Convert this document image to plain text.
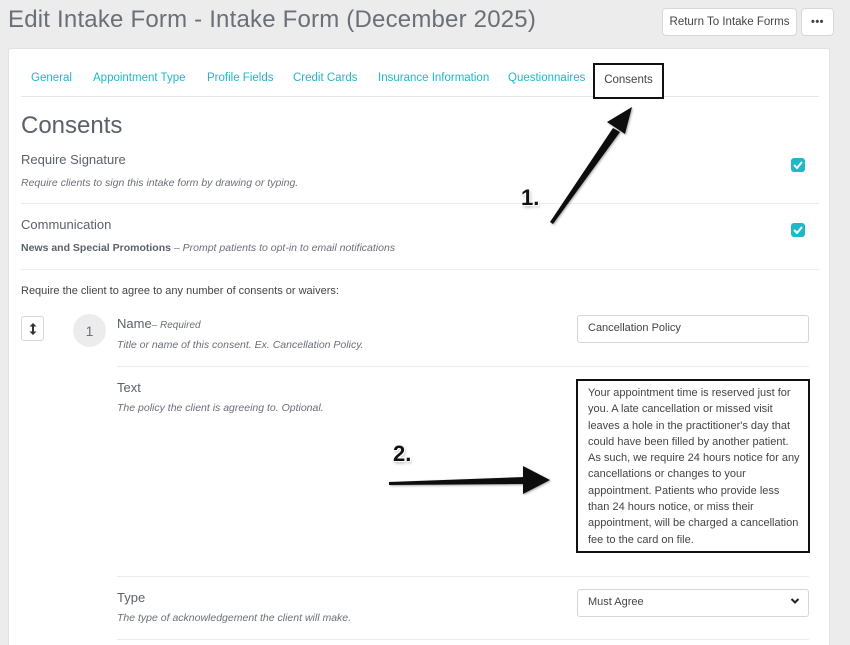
Edit Intake Form - Intake Form (December 2025)	Return To Intake Forms	•••
General Appointment Type Profile Fields Credit Cards Insurance Information Questionnaires	Consents
Consents
Require Signature
Require clients to sign this intake form by drawing or typing.
Communication
News and Special Promotions – Prompt patients to opt-in to email notifications
Require the client to agree to any number of consents or waivers:
1	Name– Required
Title or name of this consent. Ex. Cancellation Policy.
Cancellation Policy
Text
The policy the client is agreeing to. Optional.
Your appointment time is reserved just for you. A late cancellation or missed visit leaves a hole in the practitioner's day that could have been filled by another patient. As such, we require 24 hours notice for any cancellations or changes to your appointment. Patients who provide less than 24 hours notice, or miss their appointment, will be charged a cancellation fee to the card on file.
Type
The type of acknowledgement the client will make.
Must Agree
1.
2.
